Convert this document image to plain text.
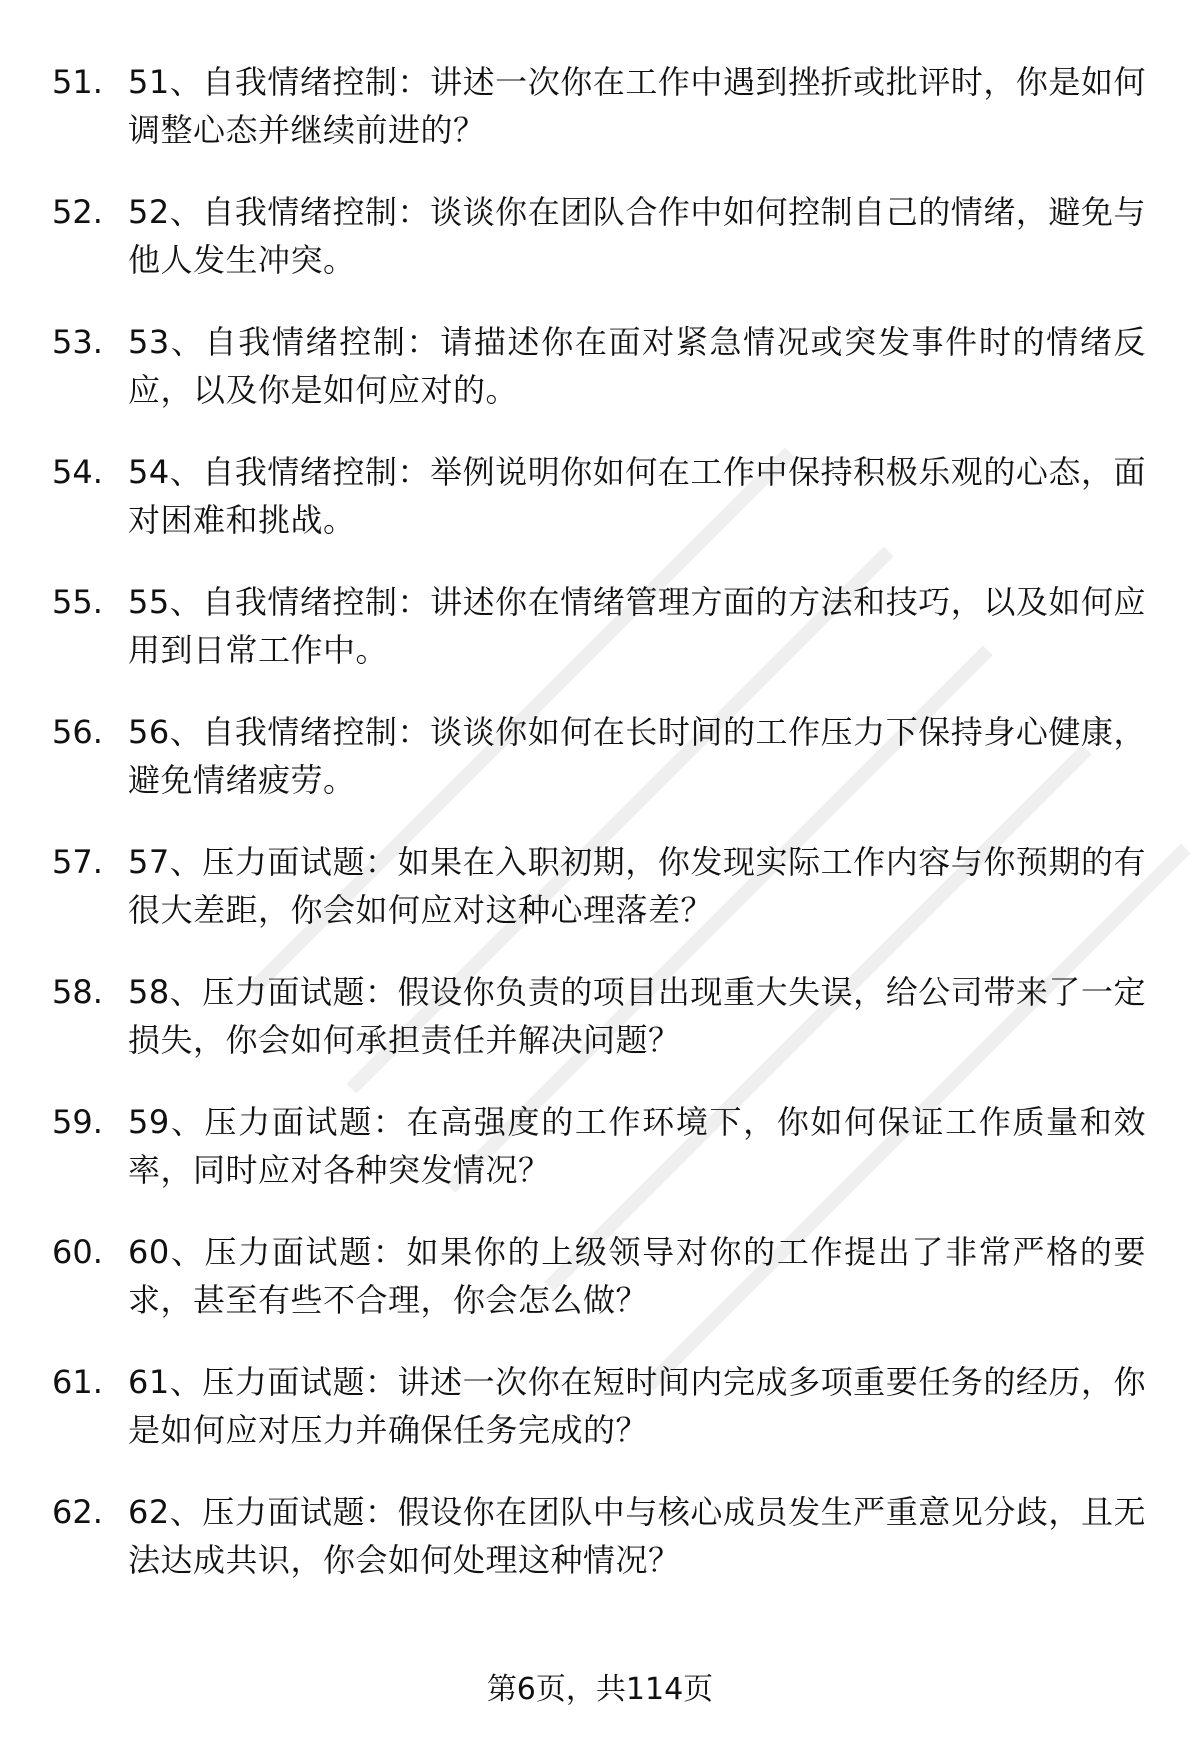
51. 51、自我情绪控制：讲述一次你在工作中遇到挫折或批评时，你是如何调整心态并继续前进的？
52. 52、自我情绪控制：谈谈你在团队合作中如何控制自己的情绪，避免与他人发生冲突。
53. 53、自我情绪控制：请描述你在面对紧急情况或突发事件时的情绪反应，以及你是如何应对的。
54. 54、自我情绪控制：举例说明你如何在工作中保持积极乐观的心态，面对困难和挑战。
55. 55、自我情绪控制：讲述你在情绪管理方面的方法和技巧，以及如何应用到日常工作中。
56. 56、自我情绪控制：谈谈你如何在长时间的工作压力下保持身心健康，避免情绪疲劳。
57. 57、压力面试题：如果在入职初期，你发现实际工作内容与你预期的有很大差距，你会如何应对这种心理落差？
58. 58、压力面试题：假设你负责的项目出现重大失误，给公司带来了一定损失，你会如何承担责任并解决问题？
59. 59、压力面试题：在高强度的工作环境下，你如何保证工作质量和效率，同时应对各种突发情况？
60. 60、压力面试题：如果你的上级领导对你的工作提出了非常严格的要求，甚至有些不合理，你会怎么做？
61. 61、压力面试题：讲述一次你在短时间内完成多项重要任务的经历，你是如何应对压力并确保任务完成的？
62. 62、压力面试题：假设你在团队中与核心成员发生严重意见分歧，且无法达成共识，你会如何处理这种情况？
第6页，共114页
